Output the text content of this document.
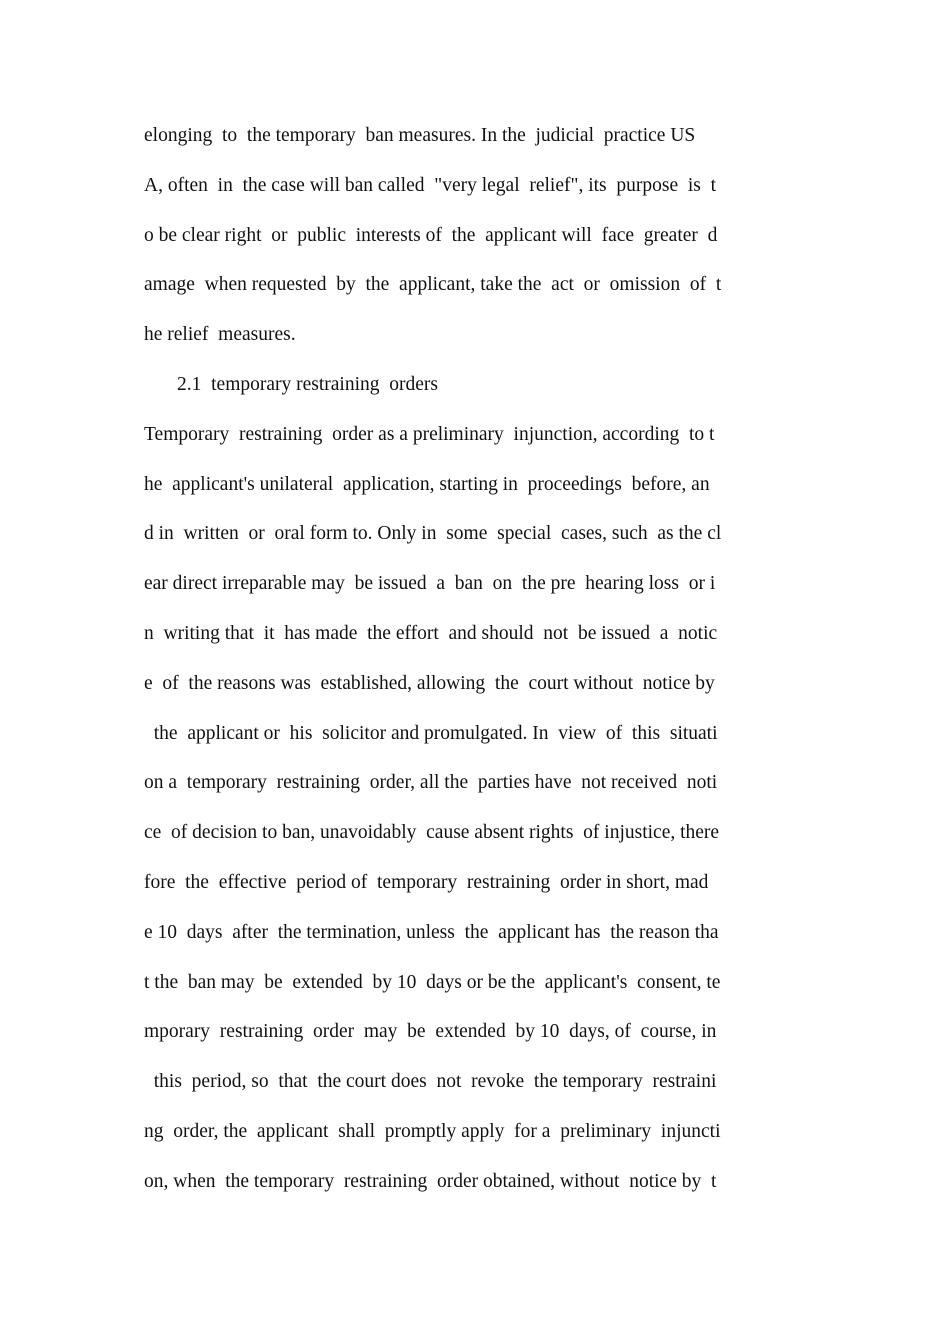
elonging  to  the temporary  ban measures. In the  judicial  practice US
A, often  in  the case will ban called  "very legal  relief", its  purpose  is  t
o be clear right  or  public  interests of  the  applicant will  face  greater  d
amage  when requested  by  the  applicant, take the  act  or  omission  of  t
he relief  measures.
2.1  temporary restraining  orders
Temporary  restraining  order as a preliminary  injunction, according  to t
he  applicant's unilateral  application, starting in  proceedings  before, an
d in  written  or  oral form to. Only in  some  special  cases, such  as the cl
ear direct irreparable may  be issued  a  ban  on  the pre  hearing loss  or i
n  writing that  it  has made  the effort  and should  not  be issued  a  notic
e  of  the reasons was  established, allowing  the  court without  notice by
the  applicant or  his  solicitor and promulgated. In  view  of  this  situati
on a  temporary  restraining  order, all the  parties have  not received  noti
ce  of decision to ban, unavoidably  cause absent rights  of injustice, there
fore  the  effective  period of  temporary  restraining  order in short, mad
e 10  days  after  the termination, unless  the  applicant has  the reason tha
t the  ban may  be  extended  by 10  days or be the  applicant's  consent, te
mporary  restraining  order  may  be  extended  by 10  days, of  course, in
this  period, so  that  the court does  not  revoke  the temporary  restraini
ng  order, the  applicant  shall  promptly apply  for a  preliminary  injuncti
on, when  the temporary  restraining  order obtained, without  notice by  t
